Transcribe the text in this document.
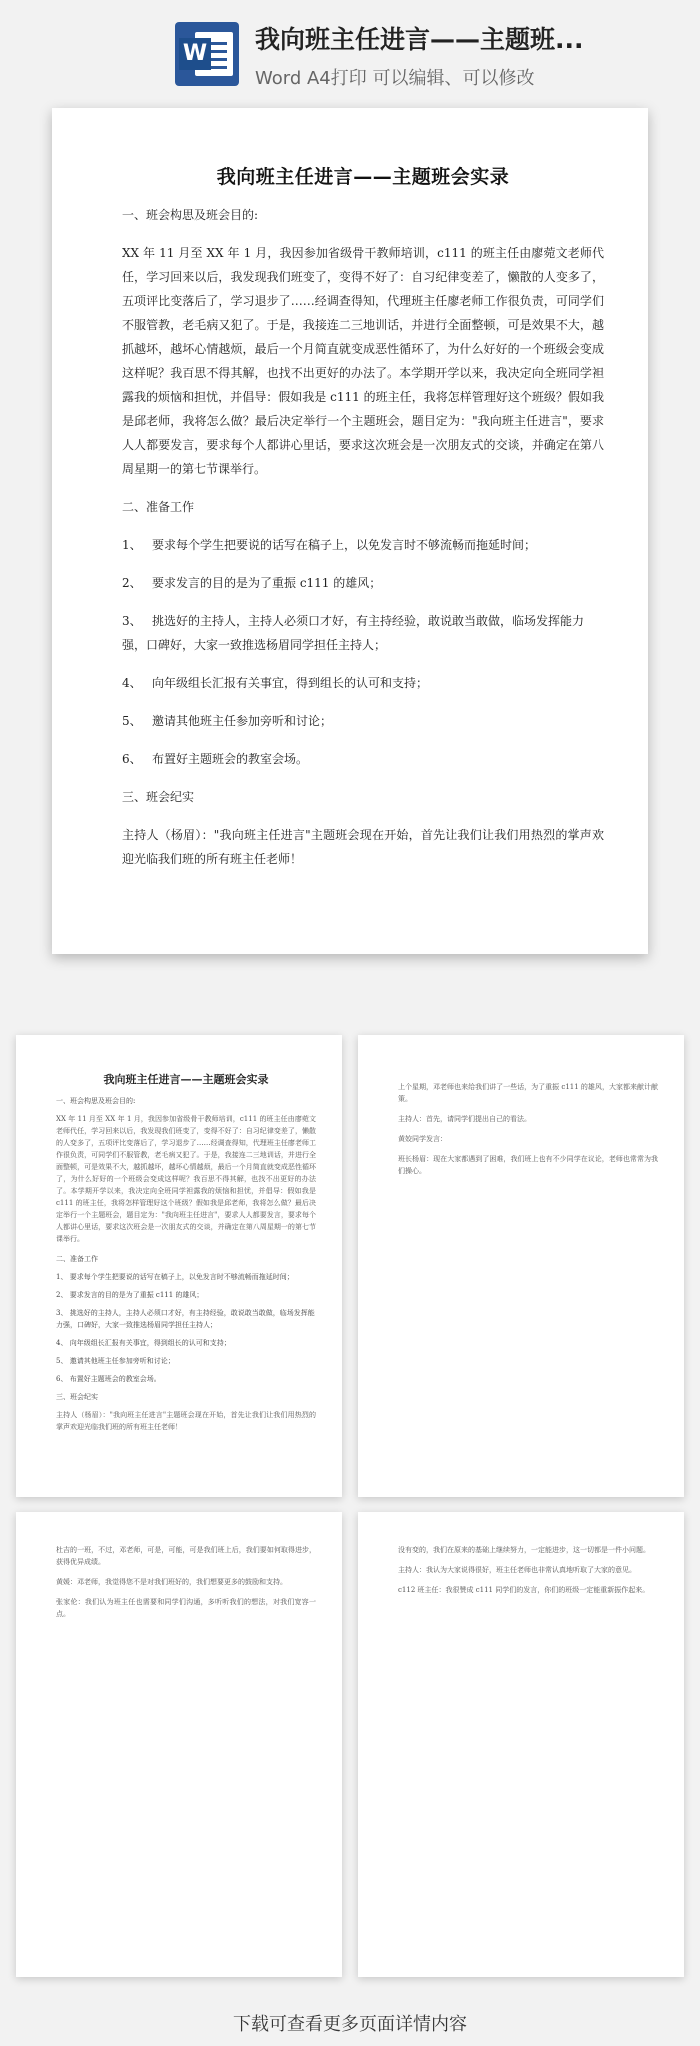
W 我向班主任进言——主题班...
Word A4打印 可以编辑、可以修改
我向班主任进言——主题班会实录

一、班会构思及班会目的:

XX 年 11 月至 XX 年 1 月，我因参加省级骨干教师培训，c111 的班主任由廖菀文老师代任，学习回来以后，我发现我们班变了，变得不好了：自习纪律变差了，懒散的人变多了，五项评比变落后了，学习退步了……经调查得知，代理班主任廖老师工作很负责，可同学们不服管教，老毛病又犯了。于是，我接连二三地训话，并进行全面整顿，可是效果不大，越抓越坏，越坏心情越烦，最后一个月简直就变成恶性循环了，为什么好好的一个班级会变成这样呢？我百思不得其解，也找不出更好的办法了。本学期开学以来，我决定向全班同学袒露我的烦恼和担忧，并倡导：假如我是 c111 的班主任，我将怎样管理好这个班级？假如我是邱老师，我将怎么做？最后决定举行一个主题班会，题目定为："我向班主任进言"，要求人人都要发言，要求每个人都讲心里话，要求这次班会是一次朋友式的交谈，并确定在第八周星期一的第七节课举行。

二、准备工作

1、 要求每个学生把要说的话写在稿子上，以免发言时不够流畅而拖延时间；

2、 要求发言的目的是为了重振 c111 的雄风；

3、 挑选好的主持人，主持人必须口才好，有主持经验，敢说敢当敢做，临场发挥能力强，口碑好，大家一致推选杨眉同学担任主持人；

4、 向年级组长汇报有关事宜，得到组长的认可和支持；

5、 邀请其他班主任参加旁听和讨论；

6、 布置好主题班会的教室会场。

三、班会纪实

主持人（杨眉）："我向班主任进言"主题班会现在开始，首先让我们让我们用热烈的掌声欢迎光临我们班的所有班主任老师！

我向班主任进言——主题班会实录

一、班会构思及班会目的:

XX 年 11 月至 XX 年 1 月，我因参加省级骨干教师培训，c111 的班主任由廖菀文老师代任，学习回来以后，我发现我们班变了，变得不好了：自习纪律变差了，懒散的人变多了，五项评比变落后了，学习退步了……经调查得知，代理班主任廖老师工作很负责，可同学们不服管教，老毛病又犯了。于是，我接连二三地训话，并进行全面整顿，可是效果不大，越抓越坏，越坏心情越烦，最后一个月简直就变成恶性循环了，为什么好好的一个班级会变成这样呢？我百思不得其解，也找不出更好的办法了。本学期开学以来，我决定向全班同学袒露我的烦恼和担忧，并倡导：假如我是 c111 的班主任，我将怎样管理好这个班级？假如我是邱老师，我将怎么做？最后决定举行一个主题班会，题目定为："我向班主任进言"，要求人人都要发言，要求每个人都讲心里话，要求这次班会是一次朋友式的交谈，并确定在第八周星期一的第七节课举行。

二、准备工作

1、 要求每个学生把要说的话写在稿子上，以免发言时不够流畅而拖延时间；

2、 要求发言的目的是为了重振 c111 的雄风；

3、 挑选好的主持人，主持人必须口才好，有主持经验，敢说敢当敢做，临场发挥能力强，口碑好，大家一致推选杨眉同学担任主持人；

4、 向年级组长汇报有关事宜，得到组长的认可和支持；

5、 邀请其他班主任参加旁听和讨论；

6、 布置好主题班会的教室会场。

三、班会纪实

主持人（杨眉）："我向班主任进言"主题班会现在开始，首先让我们让我们用热烈的掌声欢迎光临我们班的所有班主任老师！

上个星期，邓老师也来给我们讲了一些话，为了重振 c111 的雄风，大家都来献计献策。

主持人：首先，请同学们提出自己的看法。

黄姣同学发言：

班长杨眉：现在大家都遇到了困难，我们班上也有不少同学在议论，老师也常常为我们操心。

杜吉的一班，不过，邓老师，可是，可能，可是我们班上后，我们要如何取得进步，获得优异成绩。

黄媛：邓老师，我觉得您不是对我们班好的，我们想要更多的鼓励和支持。

张家伦：我们认为班主任也需要和同学们沟通，多听听我们的想法，对我们宽容一点。

没有变的，我们在原来的基础上继续努力，一定能进步，这一切都是一件小问题。

主持人：我认为大家说得很好，班主任老师也非常认真地听取了大家的意见。

c112 班主任：我很赞成 c111 同学们的发言，你们的班级一定能重新振作起来。

下载可查看更多页面详情内容
